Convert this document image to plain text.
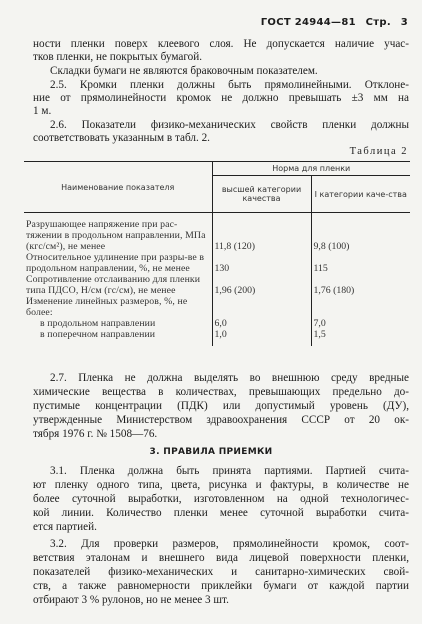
ГОСТ 24944—81 Стр. 3
ности пленки поверх клеевого слоя. Не допускается наличие учас-
тков пленки, не покрытых бумагой.
Складки бумаги не являются браковочным показателем.
2.5. Кромки пленки должны быть прямолинейными. Отклоне-
ние от прямолинейности кромок не должно превышать ±3 мм на
1 м.
2.6. Показатели физико-механических свойств пленки должны
соответствовать указанным в табл. 2.
Таблица 2
Наименование показателя	Норма для пленки	
	высшей категории качества	I категории каче-ства

Разрушающее напряжение при рас-тяжении в продольном направлении, МПа (кгс/см²), не менее	11,8 (120)	9,8 (100)
Относительное удлинение при разры-ве в продольном направлении, %, не менее	130	115
Сопротивление отслаиванию для пленки типа ПДСО, Н/см (гс/см), не менее	1,96 (200)	1,76 (180)
Изменение линейных размеров, %, не более:		

в продольном направлении	6,0	7,0

в поперечном направлении	1,0	1,5

2.7. Пленка не должна выделять во внешнюю среду вредные
химические вещества в количествах, превышающих предельно до-
пустимые концентрации (ПДК) или допустимый уровень (ДУ),
утвержденные Министерством здравоохранения СССР от 20 ок-
тября 1976 г. № 1508—76.
3. ПРАВИЛА ПРИЕМКИ
3.1. Пленка должна быть принята партиями. Партией счита-
ют пленку одного типа, цвета, рисунка и фактуры, в количестве не
более суточной выработки, изготовленном на одной технологичес-
кой линии. Количество пленки менее суточной выработки счита-
ется партией.
3.2. Для проверки размеров, прямолинейности кромок, соот-
ветствия эталонам и внешнего вида лицевой поверхности пленки,
показателей физико-механических и санитарно-химических свой-
ств, а также равномерности приклейки бумаги от каждой партии
отбирают 3 % рулонов, но не менее 3 шт.
